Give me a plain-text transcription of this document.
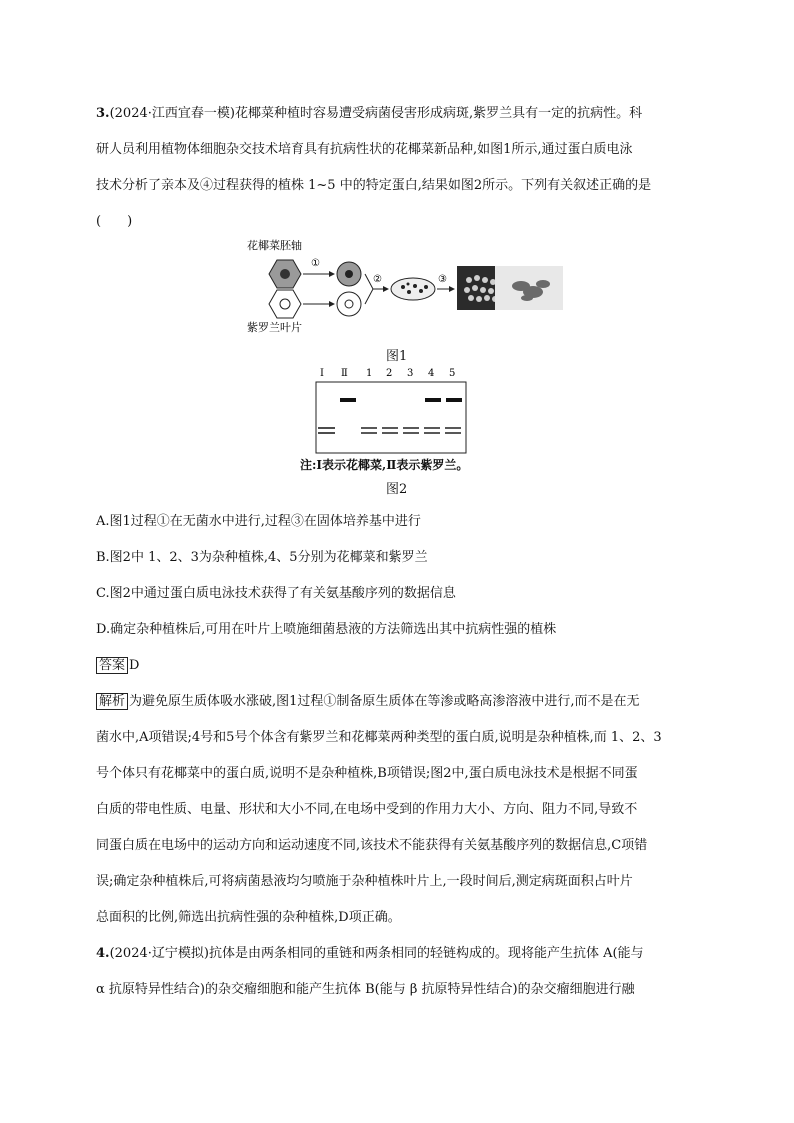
3.(2024·江西宜春一模)花椰菜种植时容易遭受病菌侵害形成病斑,紫罗兰具有一定的抗病性。科
研人员利用植物体细胞杂交技术培育具有抗病性状的花椰菜新品种,如图1所示,通过蛋白质电泳
技术分析了亲本及④过程获得的植株 1~5 中的特定蛋白,结果如图2所示。下列有关叙述正确的是
(　　)
花椰菜胚轴
紫罗兰叶片
①
②	③
图1
Ⅰ Ⅱ 1 2 3 4 5
注:Ⅰ表示花椰菜,Ⅱ表示紫罗兰。
图2
A.图1过程①在无菌水中进行,过程③在固体培养基中进行
B.图2中 1、2、3为杂种植株,4、5分别为花椰菜和紫罗兰
C.图2中通过蛋白质电泳技术获得了有关氨基酸序列的数据信息
D.确定杂种植株后,可用在叶片上喷施细菌悬液的方法筛选出其中抗病性强的植株
答案 D
解析 为避免原生质体吸水涨破,图1过程①制备原生质体在等渗或略高渗溶液中进行,而不是在无
菌水中,A项错误;4号和5号个体含有紫罗兰和花椰菜两种类型的蛋白质,说明是杂种植株,而 1、2、3
号个体只有花椰菜中的蛋白质,说明不是杂种植株,B项错误;图2中,蛋白质电泳技术是根据不同蛋
白质的带电性质、电量、形状和大小不同,在电场中受到的作用力大小、方向、阻力不同,导致不
同蛋白质在电场中的运动方向和运动速度不同,该技术不能获得有关氨基酸序列的数据信息,C项错
误;确定杂种植株后,可将病菌悬液均匀喷施于杂种植株叶片上,一段时间后,测定病斑面积占叶片
总面积的比例,筛选出抗病性强的杂种植株,D项正确。
4.(2024·辽宁模拟)抗体是由两条相同的重链和两条相同的轻链构成的。现将能产生抗体 A(能与
α 抗原特异性结合)的杂交瘤细胞和能产生抗体 B(能与 β 抗原特异性结合)的杂交瘤细胞进行融
